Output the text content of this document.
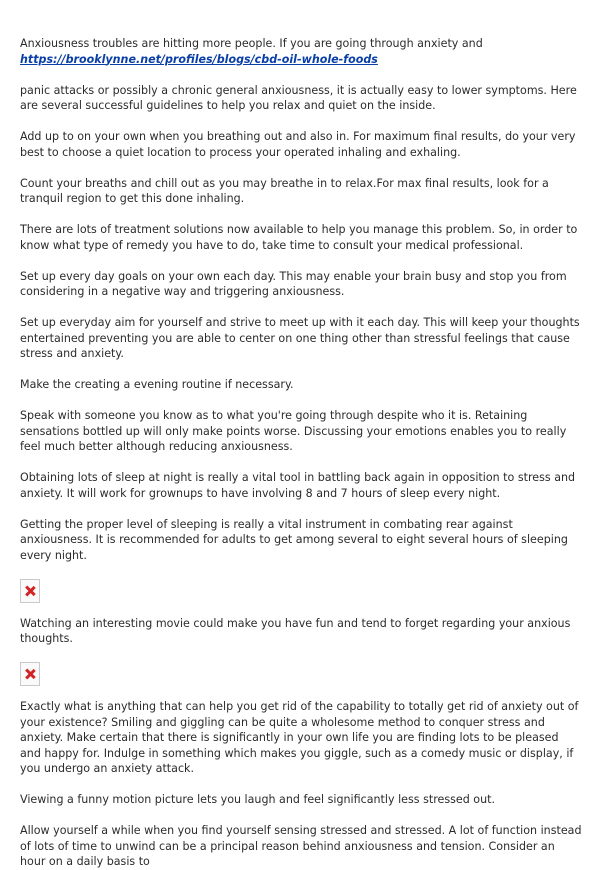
Anxiousness troubles are hitting more people. If you are going through anxiety and
https://brooklynne.net/profiles/blogs/cbd-oil-whole-foods

panic attacks or possibly a chronic general anxiousness, it is actually easy to lower symptoms. Here are several successful guidelines to help you relax and quiet on the inside.

Add up to on your own when you breathing out and also in. For maximum final results, do your very best to choose a quiet location to process your operated inhaling and exhaling.

Count your breaths and chill out as you may breathe in to relax.For max final results, look for a tranquil region to get this done inhaling.

There are lots of treatment solutions now available to help you manage this problem. So, in order to know what type of remedy you have to do, take time to consult your medical professional.

Set up every day goals on your own each day. This may enable your brain busy and stop you from considering in a negative way and triggering anxiousness.

Set up everyday aim for yourself and strive to meet up with it each day. This will keep your thoughts entertained preventing you are able to center on one thing other than stressful feelings that cause stress and anxiety.

Make the creating a evening routine if necessary.

Speak with someone you know as to what you're going through despite who it is. Retaining sensations bottled up will only make points worse. Discussing your emotions enables you to really feel much better although reducing anxiousness.

Obtaining lots of sleep at night is really a vital tool in battling back again in opposition to stress and anxiety. It will work for grownups to have involving 8 and 7 hours of sleep every night.

Getting the proper level of sleeping is really a vital instrument in combating rear against anxiousness. It is recommended for adults to get among several to eight several hours of sleeping every night.

Watching an interesting movie could make you have fun and tend to forget regarding your anxious thoughts.

Exactly what is anything that can help you get rid of the capability to totally get rid of anxiety out of your existence? Smiling and giggling can be quite a wholesome method to conquer stress and anxiety. Make certain that there is significantly in your own life you are finding lots to be pleased and happy for. Indulge in something which makes you giggle, such as a comedy music or display, if you undergo an anxiety attack.

Viewing a funny motion picture lets you laugh and feel significantly less stressed out.

Allow yourself a while when you find yourself sensing stressed and stressed. A lot of function instead of lots of time to unwind can be a principal reason behind anxiousness and tension. Consider an hour on a daily basis to
